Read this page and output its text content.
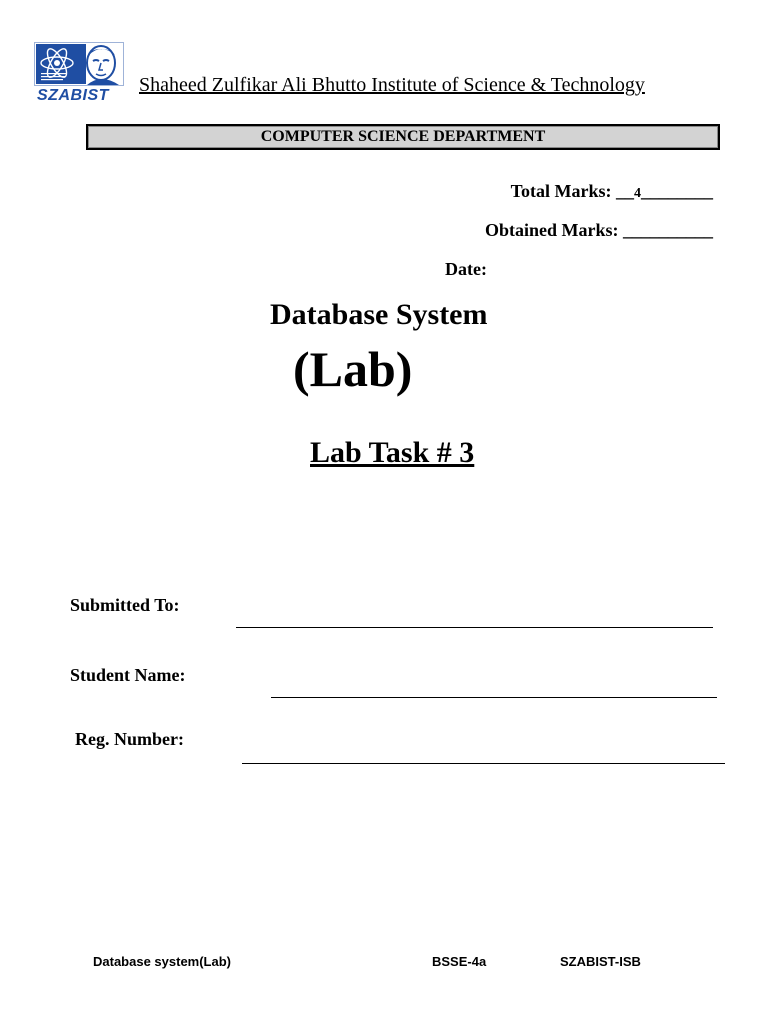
SZABIST Shaheed Zulfikar Ali Bhutto Institute of Science & Technology
COMPUTER SCIENCE DEPARTMENT
Total Marks: __4________
Obtained Marks: __________
Date:
Database System
(Lab)
Lab Task # 3
Submitted To:
Student Name:
Reg. Number:
Database system(Lab)	BSSE-4a	SZABIST-ISB
